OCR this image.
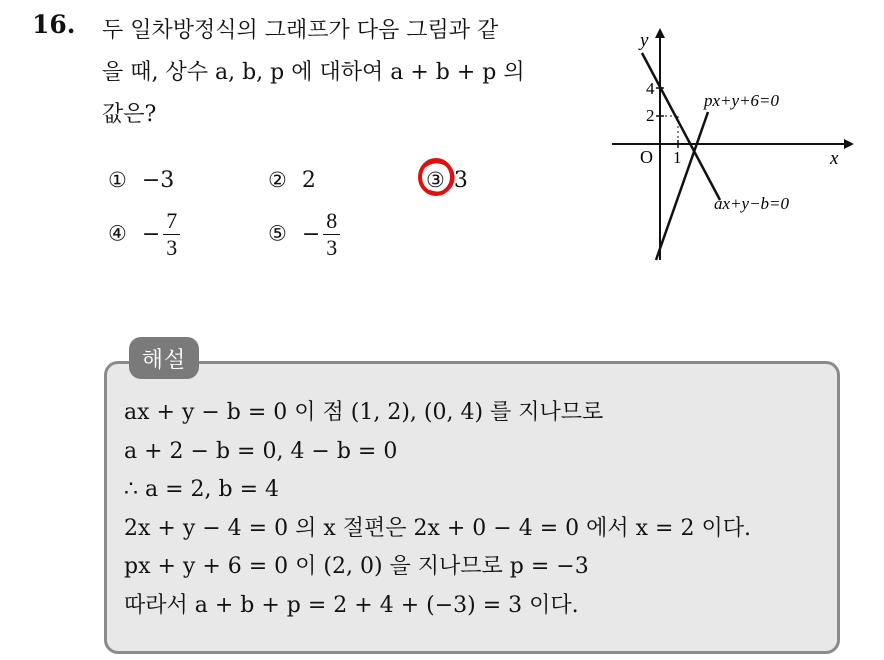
16. 두 일차방정식의 그래프가 다음 그림과 같
을 때, 상수 a, b, p 에 대하여 a + b + p 의
값은?
① −3	② 2	③ 3
④ − $\frac{7}{3}$	⑤ − $\frac{8}{3}$
y
x
O
4
2
1
px+y+6=0
ax+y−b=0
해설
ax + y − b = 0 이 점 (1, 2), (0, 4) 를 지나므로
a + 2 − b = 0, 4 − b = 0
∴ a = 2, b = 4
2x + y − 4 = 0 의 x 절편은 2x + 0 − 4 = 0 에서 x = 2 이다.
px + y + 6 = 0 이 (2, 0) 을 지나므로 p = −3
따라서 a + b + p = 2 + 4 + (−3) = 3 이다.
